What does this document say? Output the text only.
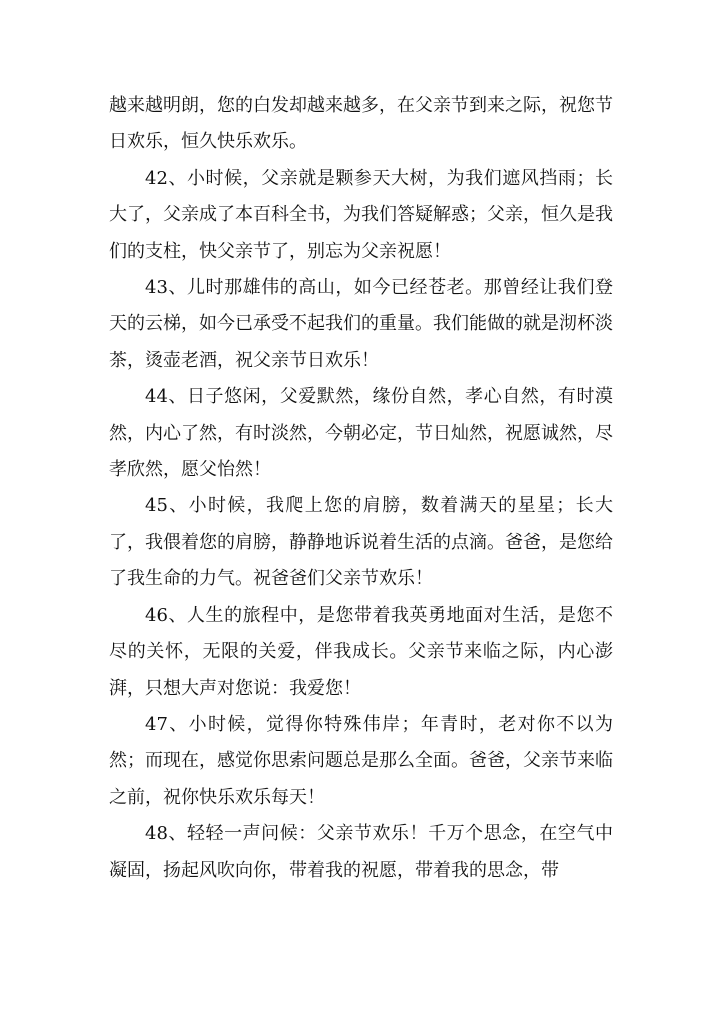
越来越明朗，您的白发却越来越多，在父亲节到来之际，祝您节日欢乐，恒久快乐欢乐。

42、小时候，父亲就是颗参天大树，为我们遮风挡雨；长大了，父亲成了本百科全书，为我们答疑解惑；父亲，恒久是我们的支柱，快父亲节了，别忘为父亲祝愿！

43、儿时那雄伟的高山，如今已经苍老。那曾经让我们登天的云梯，如今已承受不起我们的重量。我们能做的就是沏杯淡茶，烫壶老酒，祝父亲节日欢乐！

44、日子悠闲，父爱默然，缘份自然，孝心自然，有时漠然，内心了然，有时淡然，今朝必定，节日灿然，祝愿诚然，尽孝欣然，愿父怡然！

45、小时候，我爬上您的肩膀，数着满天的星星；长大了，我偎着您的肩膀，静静地诉说着生活的点滴。爸爸，是您给了我生命的力气。祝爸爸们父亲节欢乐！

46、人生的旅程中，是您带着我英勇地面对生活，是您不尽的关怀，无限的关爱，伴我成长。父亲节来临之际，内心澎湃，只想大声对您说：我爱您！

47、小时候，觉得你特殊伟岸；年青时，老对你不以为然；而现在，感觉你思索问题总是那么全面。爸爸，父亲节来临之前，祝你快乐欢乐每天！

48、轻轻一声问候：父亲节欢乐！千万个思念，在空气中凝固，扬起风吹向你，带着我的祝愿，带着我的思念，带
